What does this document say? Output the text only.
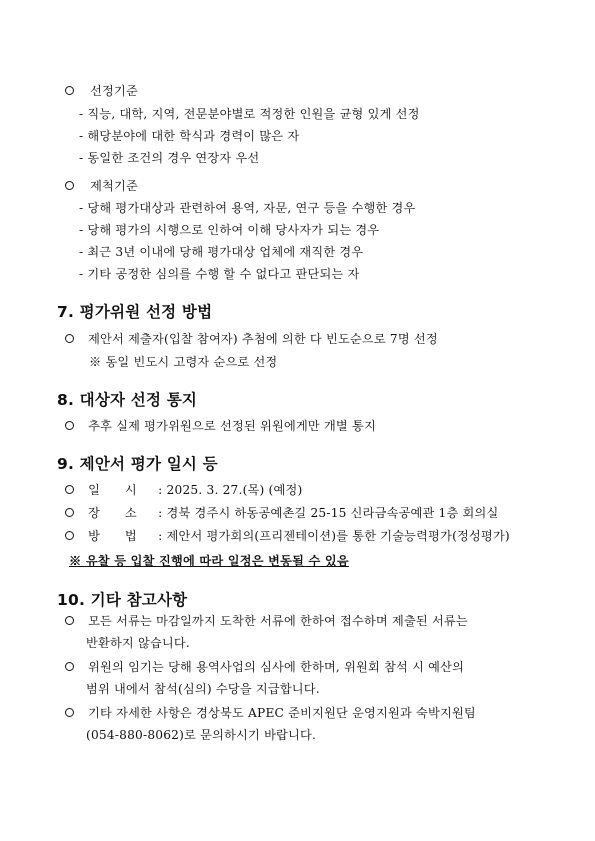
선정기준
- 직능, 대학, 지역, 전문분야별로 적정한 인원을 균형 있게 선정
- 해당분야에 대한 학식과 경력이 많은 자
- 동일한 조건의 경우 연장자 우선
제척기준
- 당해 평가대상과 관련하여 용역, 자문, 연구 등을 수행한 경우
- 당해 평가의 시행으로 인하여 이해 당사자가 되는 경우
- 최근 3년 이내에 당해 평가대상 업체에 재직한 경우
- 기타 공정한 심의를 수행 할 수 없다고 판단되는 자
7. 평가위원 선정 방법
제안서 제출자(입찰 참여자) 추첨에 의한 다 빈도순으로 7명 선정
※ 동일 빈도시 고령자 순으로 선정
8. 대상자 선정 통지
추후 실제 평가위원으로 선정된 위원에게만 개별 통지
9. 제안서 평가 일시 등
일　　시 : 2025. 3. 27.(목) (예정)
장　　소 : 경북 경주시 하동공예촌길 25-15 신라금속공예관 1층 회의실
방　　법 : 제안서 평가회의(프리젠테이션)를 통한 기술능력평가(정성평가)
※ 유찰 등 입찰 진행에 따라 일정은 변동될 수 있음
10. 기타 참고사항
모든 서류는 마감일까지 도착한 서류에 한하여 접수하며 제출된 서류는
반환하지 않습니다.
위원의 임기는 당해 용역사업의 심사에 한하며, 위원회 참석 시 예산의
범위 내에서 참석(심의) 수당을 지급합니다.
기타 자세한 사항은 경상북도 APEC 준비지원단 운영지원과 숙박지원팀
(054-880-8062)로 문의하시기 바랍니다.
